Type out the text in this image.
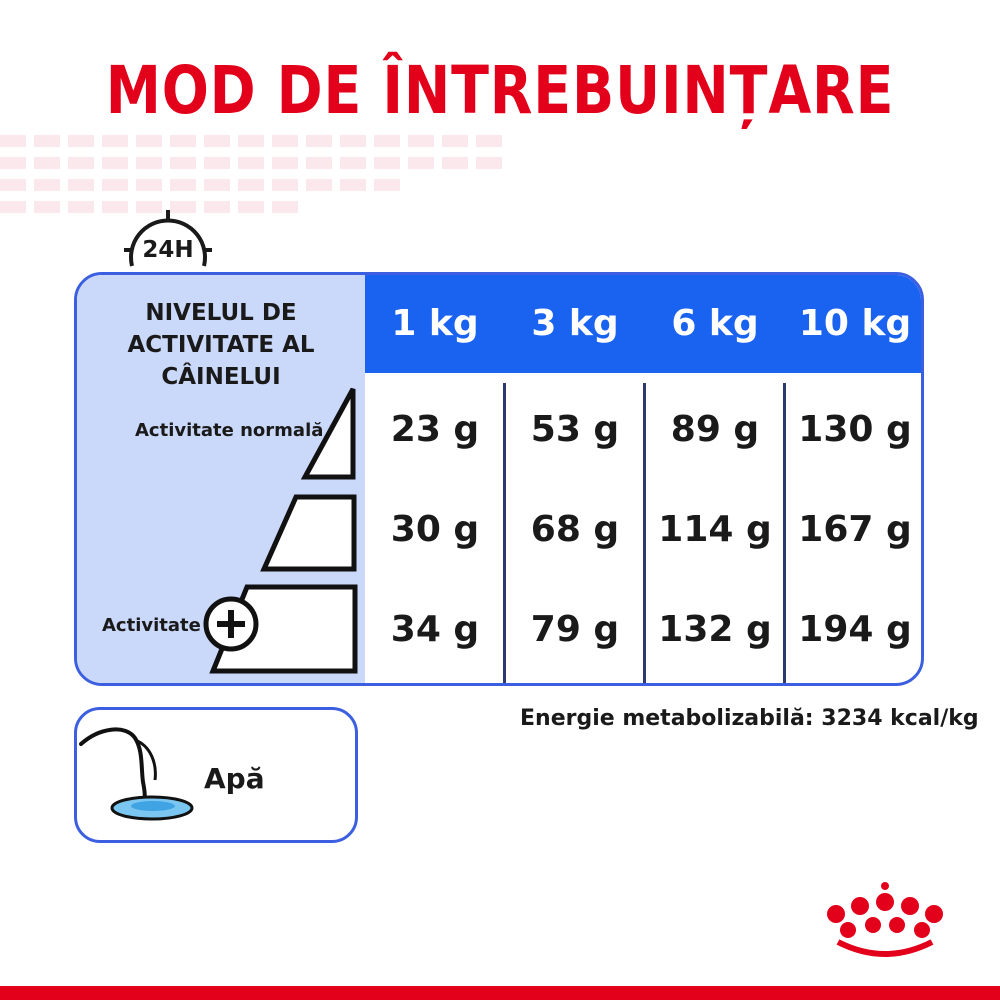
MOD DE ÎNTREBUINȚARE
24H
NIVELUL DE ACTIVITATE AL CÂINELUI
1 kg	3 kg	6 kg	10 kg
23 g	53 g	89 g	130 g
30 g	68 g	114 g 167 g
34 g	79 g	132 g 194 g
Activitate normală
Activitate
Energie metabolizabilă: 3234 kcal/kg
Apă
